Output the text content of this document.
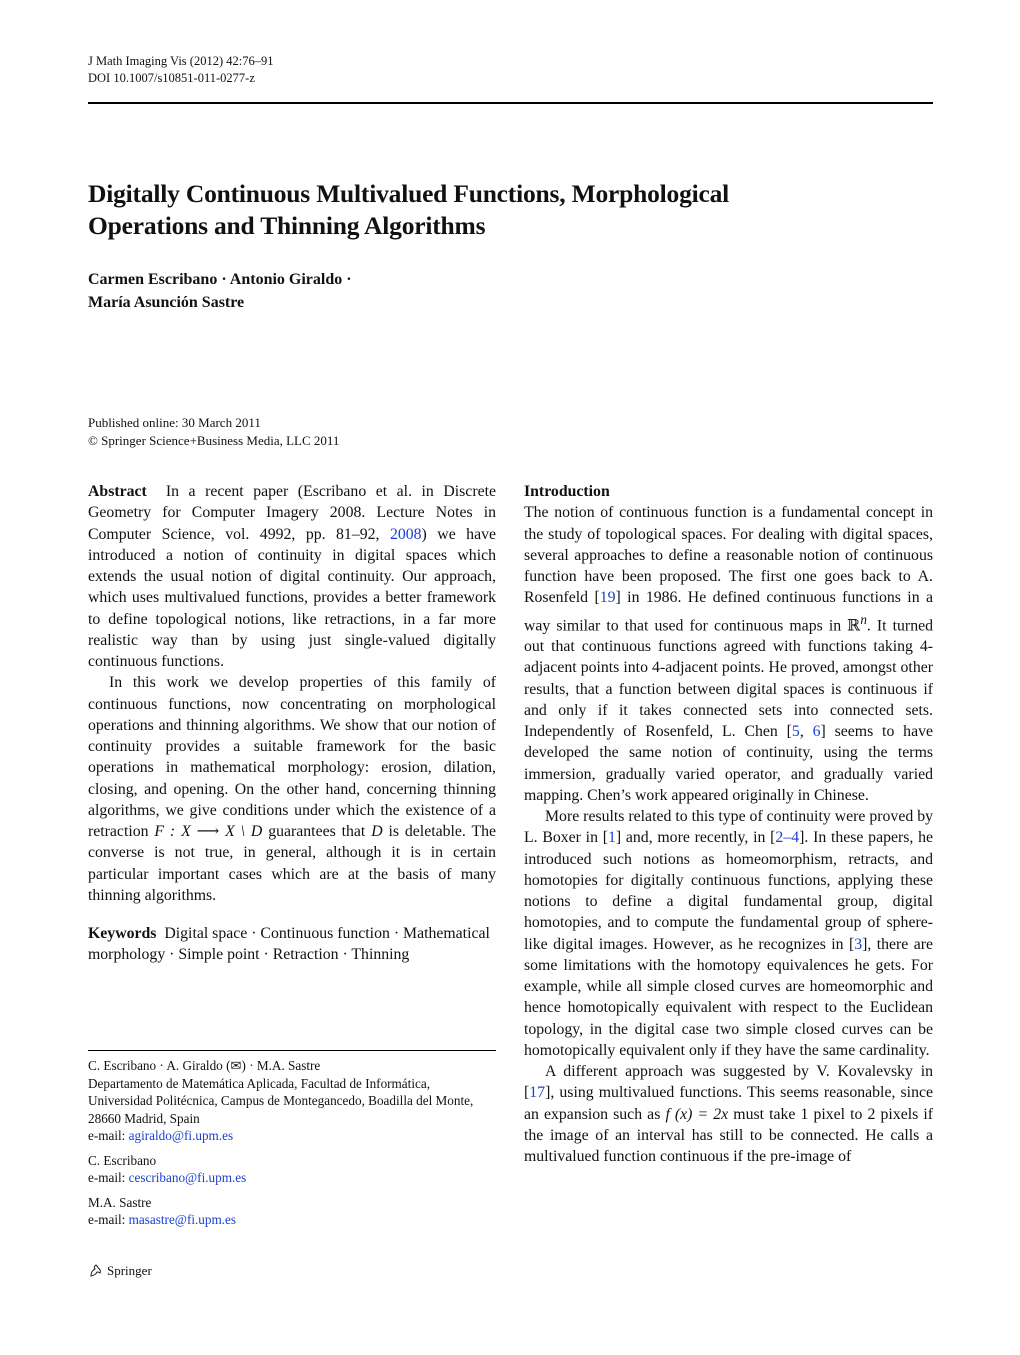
J Math Imaging Vis (2012) 42:76–91
DOI 10.1007/s10851-011-0277-z
Digitally Continuous Multivalued Functions, Morphological
Operations and Thinning Algorithms
Carmen Escribano · Antonio Giraldo ·
María Asunción Sastre
Published online: 30 March 2011
© Springer Science+Business Media, LLC 2011

Abstract In a recent paper (Escribano et al. in Discrete Geometry for Computer Imagery 2008. Lecture Notes in Computer Science, vol. 4992, pp. 81–92, 2008) we have introduced a notion of continuity in digital spaces which extends the usual notion of digital continuity. Our approach, which uses multivalued functions, provides a better framework to define topological notions, like retractions, in a far more realistic way than by using just single-valued digitally continuous functions.

In this work we develop properties of this family of continuous functions, now concentrating on morphological operations and thinning algorithms. We show that our notion of continuity provides a suitable framework for the basic operations in mathematical morphology: erosion, dilation, closing, and opening. On the other hand, concerning thinning algorithms, we give conditions under which the existence of a retraction F : X ⟶ X \ D guarantees that D is deletable. The converse is not true, in general, although it is in certain particular important cases which are at the basis of many thinning algorithms.

Keywords Digital space · Continuous function · Mathematical morphology · Simple point · Retraction · Thinning

C. Escribano · A. Giraldo (✉) · M.A. Sastre
Departamento de Matemática Aplicada, Facultad de Informática, Universidad Politécnica, Campus de Montegancedo, Boadilla del Monte, 28660 Madrid, Spain
e-mail: agiraldo@fi.upm.es

C. Escribano
e-mail: cescribano@fi.upm.es

M.A. Sastre
e-mail: masastre@fi.upm.es

Introduction

The notion of continuous function is a fundamental concept in the study of topological spaces. For dealing with digital spaces, several approaches to define a reasonable notion of continuous function have been proposed. The first one goes back to A. Rosenfeld [19] in 1986. He defined continuous functions in a way similar to that used for continuous maps in ℝ$^n$. It turned out that continuous functions agreed with functions taking 4-adjacent points into 4-adjacent points. He proved, amongst other results, that a function between digital spaces is continuous if and only if it takes connected sets into connected sets. Independently of Rosenfeld, L. Chen [5, 6] seems to have developed the same notion of continuity, using the terms immersion, gradually varied operator, and gradually varied mapping. Chen’s work appeared originally in Chinese.

More results related to this type of continuity were proved by L. Boxer in [1] and, more recently, in [2–4]. In these papers, he introduced such notions as homeomorphism, retracts, and homotopies for digitally continuous functions, applying these notions to define a digital fundamental group, digital homotopies, and to compute the fundamental group of sphere-like digital images. However, as he recognizes in [3], there are some limitations with the homotopy equivalences he gets. For example, while all simple closed curves are homeomorphic and hence homotopically equivalent with respect to the Euclidean topology, in the digital case two simple closed curves can be homotopically equivalent only if they have the same cardinality.

A different approach was suggested by V. Kovalevsky in [17], using multivalued functions. This seems reasonable, since an expansion such as f (x) = 2x must take 1 pixel to 2 pixels if the image of an interval has still to be connected. He calls a multivalued function continuous if the pre-image of

Springer
